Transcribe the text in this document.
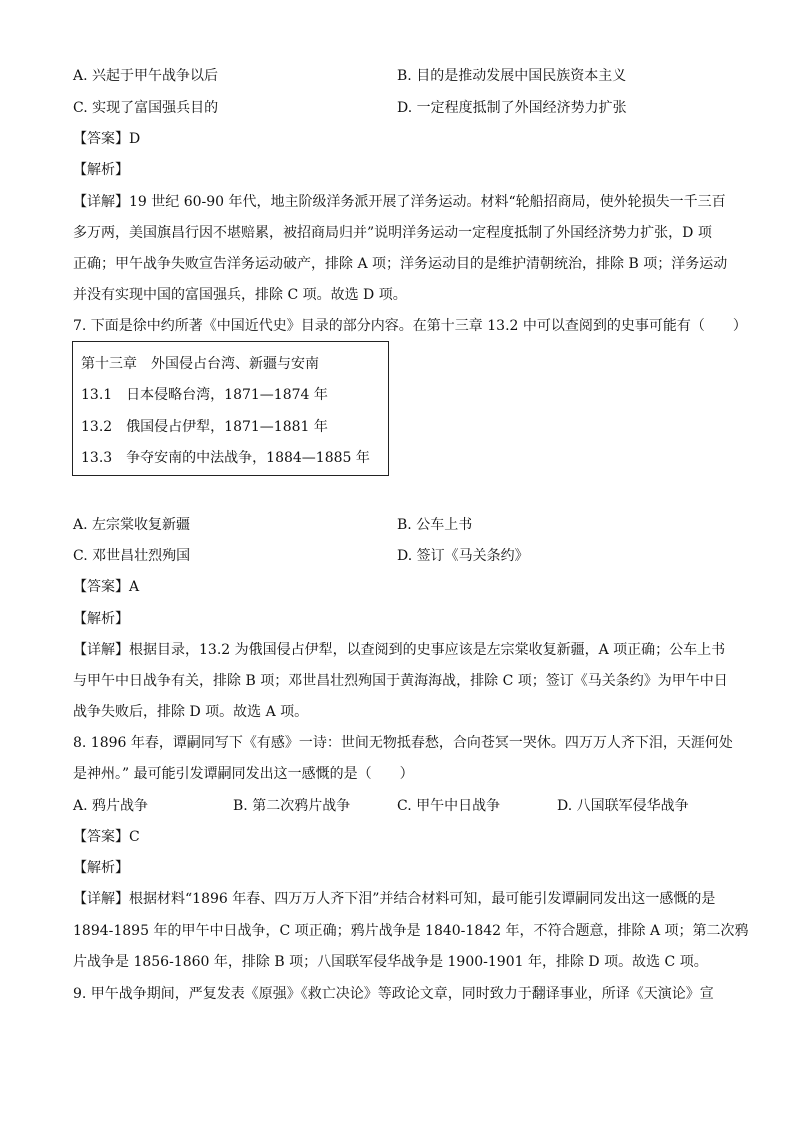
A. 兴起于甲午战争以后	B. 目的是推动发展中国民族资本主义
C. 实现了富国强兵目的	D. 一定程度抵制了外国经济势力扩张
【答案】D
【解析】
【详解】19 世纪 60-90 年代，地主阶级洋务派开展了洋务运动。材料“轮船招商局，使外轮损失一千三百
多万两，美国旗昌行因不堪赔累，被招商局归并”说明洋务运动一定程度抵制了外国经济势力扩张，D 项
正确；甲午战争失败宣告洋务运动破产，排除 A 项；洋务运动目的是维护清朝统治，排除 B 项；洋务运动
并没有实现中国的富国强兵，排除 C 项。故选 D 项。
7. 下面是徐中约所著《中国近代史》目录的部分内容。在第十三章 13.2 中可以查阅到的史事可能有（　　）
第十三章　外国侵占台湾、新疆与安南
13.1　日本侵略台湾，1871—1874 年
13.2　俄国侵占伊犁，1871—1881 年
13.3　争夺安南的中法战争，1884—1885 年
A. 左宗棠收复新疆	B. 公车上书
C. 邓世昌壮烈殉国	D. 签订《马关条约》
【答案】A
【解析】
【详解】根据目录，13.2 为俄国侵占伊犁，以查阅到的史事应该是左宗棠收复新疆，A 项正确；公车上书
与甲午中日战争有关，排除 B 项；邓世昌壮烈殉国于黄海海战，排除 C 项；签订《马关条约》为甲午中日
战争失败后，排除 D 项。故选 A 项。
8. 1896 年春，谭嗣同写下《有感》一诗：世间无物抵春愁，合向苍冥一哭休。四万万人齐下泪，天涯何处
是神州。” 最可能引发谭嗣同发出这一感慨的是（　　）
A. 鸦片战争	B. 第二次鸦片战争	C. 甲午中日战争	D. 八国联军侵华战争
【答案】C
【解析】
【详解】根据材料“1896 年春、四万万人齐下泪”并结合材料可知，最可能引发谭嗣同发出这一感慨的是
1894-1895 年的甲午中日战争，C 项正确；鸦片战争是 1840-1842 年，不符合题意，排除 A 项；第二次鸦
片战争是 1856-1860 年，排除 B 项；八国联军侵华战争是 1900-1901 年，排除 D 项。故选 C 项。
9. 甲午战争期间，严复发表《原强》《救亡决论》等政论文章，同时致力于翻译事业，所译《天演论》宣
